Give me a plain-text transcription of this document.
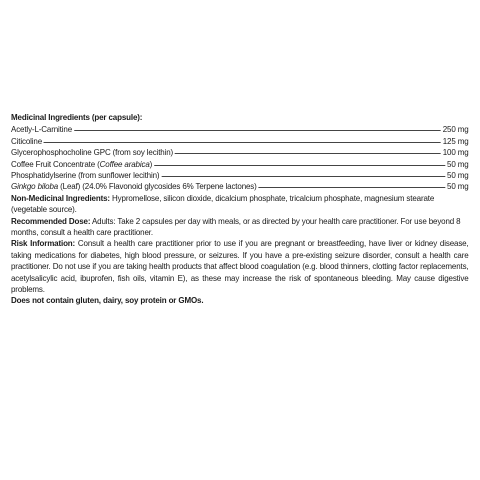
Medicinal Ingredients (per capsule):

Acetly-L-Carnitine	250 mg
Citicoline	125 mg
Glycerophosphocholine GPC (from soy lecithin)	100 mg
Coffee Fruit Concentrate (Coffee arabica)	50 mg
Phosphatidylserine (from sunflower lecithin)	50 mg
Ginkgo biloba (Leaf) (24.0% Flavonoid glycosides 6% Terpene lactones)	50 mg

Non-Medicinal Ingredients: Hypromellose, silicon dioxide, dicalcium phosphate, tricalcium phosphate, magnesium stearate (vegetable source).

Recommended Dose: Adults: Take 2 capsules per day with meals, or as directed by your health care practitioner. For use beyond 8 months, consult a health care practitioner.

Risk Information: Consult a health care practitioner prior to use if you are pregnant or breastfeeding, have liver or kidney disease, taking medications for diabetes, high blood pressure, or seizures. If you have a pre-existing seizure disorder, consult a health care practitioner. Do not use if you are taking health products that affect blood coagulation (e.g. blood thinners, clotting factor replacements, acetylsalicylic acid, ibuprofen, fish oils, vitamin E), as these may increase the risk of spontaneous bleeding. May cause digestive problems.

Does not contain gluten, dairy, soy protein or GMOs.
